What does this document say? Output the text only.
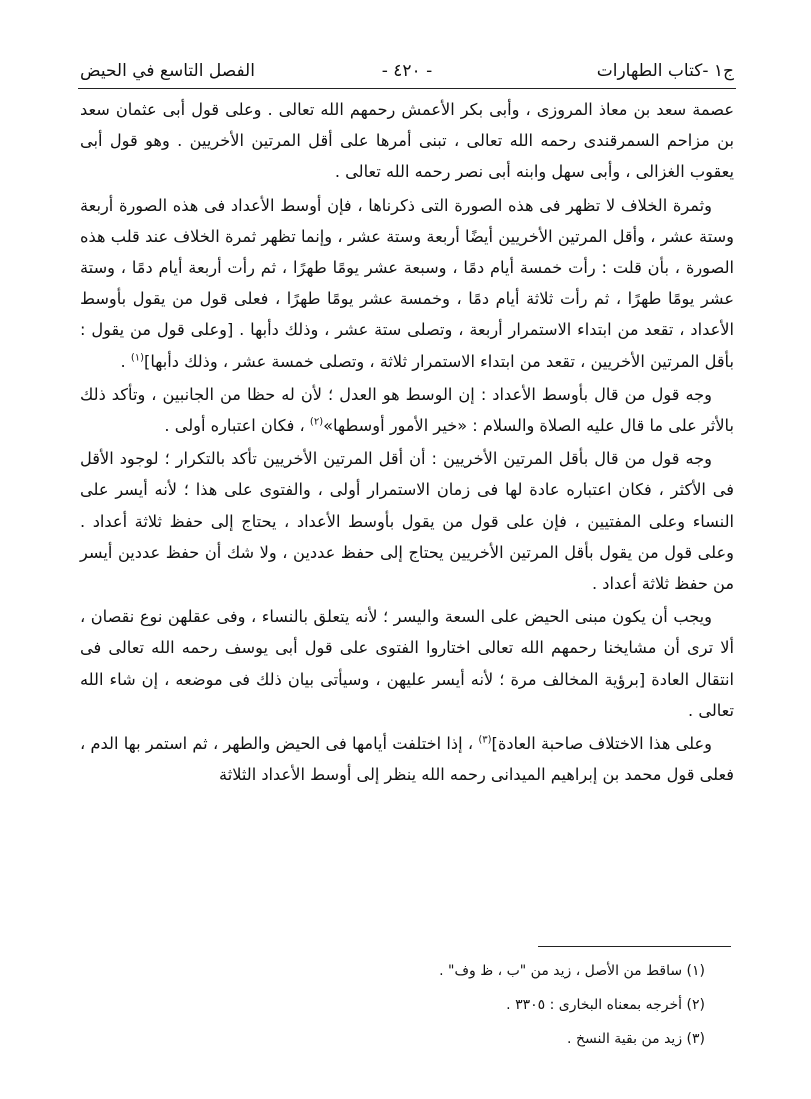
ج١ -كتاب الطهارات
- ٤٢٠ -
الفصل التاسع في الحيض

عصمة سعد بن معاذ المروزى ، وأبى بكر الأعمش رحمهم الله تعالى . وعلى قول أبى عثمان سعد بن مزاحم السمرقندى رحمه الله تعالى ، تبنى أمرها على أقل المرتين الأخريين . وهو قول أبى يعقوب الغزالى ، وأبى سهل وابنه أبى نصر رحمه الله تعالى .

وثمرة الخلاف لا تظهر فى هذه الصورة التى ذكرناها ، فإن أوسط الأعداد فى هذه الصورة أربعة وستة عشر ، وأقل المرتين الأخريين أيضًا أربعة وستة عشر ، وإنما تظهر ثمرة الخلاف عند قلب هذه الصورة ، بأن قلت : رأت خمسة أيام دمًا ، وسبعة عشر يومًا طهرًا ، ثم رأت أربعة أيام دمًا ، وستة عشر يومًا طهرًا ، ثم رأت ثلاثة أيام دمًا ، وخمسة عشر يومًا طهرًا ، فعلى قول من يقول بأوسط الأعداد ، تقعد من ابتداء الاستمرار أربعة ، وتصلى ستة عشر ، وذلك دأبها . [وعلى قول من يقول : بأقل المرتين الأخريين ، تقعد من ابتداء الاستمرار ثلاثة ، وتصلى خمسة عشر ، وذلك دأبها]$^{(١)}$ .

وجه قول من قال بأوسط الأعداد : إن الوسط هو العدل ؛ لأن له حظا من الجانبين ، وتأكد ذلك بالأثر على ما قال عليه الصلاة والسلام : «خير الأمور أوسطها»$^{(٢)}$ ، فكان اعتباره أولى .

وجه قول من قال بأقل المرتين الأخريين : أن أقل المرتين الأخريين تأكد بالتكرار ؛ لوجود الأقل فى الأكثر ، فكان اعتباره عادة لها فى زمان الاستمرار أولى ، والفتوى على هذا ؛ لأنه أيسر على النساء وعلى المفتيين ، فإن على قول من يقول بأوسط الأعداد ، يحتاج إلى حفظ ثلاثة أعداد . وعلى قول من يقول بأقل المرتين الأخريين يحتاج إلى حفظ عددين ، ولا شك أن حفظ عددين أيسر من حفظ ثلاثة أعداد .

ويجب أن يكون مبنى الحيض على السعة واليسر ؛ لأنه يتعلق بالنساء ، وفى عقلهن نوع نقصان ، ألا ترى أن مشايخنا رحمهم الله تعالى اختاروا الفتوى على قول أبى يوسف رحمه الله تعالى فى انتقال العادة [برؤية المخالف مرة ؛ لأنه أيسر عليهن ، وسيأتى بيان ذلك فى موضعه ، إن شاء الله تعالى .

وعلى هذا الاختلاف صاحبة العادة]$^{(٣)}$ ، إذا اختلفت أيامها فى الحيض والطهر ، ثم استمر بها الدم ، فعلى قول محمد بن إبراهيم الميدانى رحمه الله ينظر إلى أوسط الأعداد الثلاثة

(١) ساقط من الأصل ، زيد من "ب ، ظ وف" .
(٢) أخرجه بمعناه البخارى : ٣٣٠٥ .
(٣) زيد من بقية النسخ .
